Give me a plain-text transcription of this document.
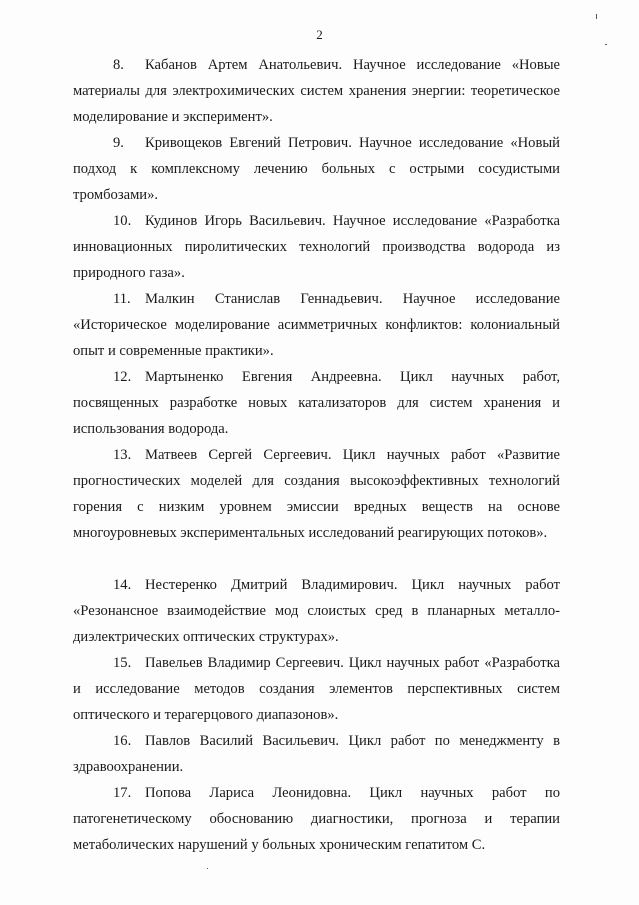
2
8. Кабанов Артем Анатольевич. Научное исследование «Новые материалы для электрохимических систем хранения энергии: теоретическое моделирование и эксперимент».
9. Кривощеков Евгений Петрович. Научное исследование «Новый подход к комплексному лечению больных с острыми сосудистыми тромбозами».
10. Кудинов Игорь Васильевич. Научное исследование «Разработка инновационных пиролитических технологий производства водорода из природного газа».
11. Малкин Станислав Геннадьевич. Научное исследование «Историческое моделирование асимметричных конфликтов: колониальный опыт и современные практики».
12. Мартыненко Евгения Андреевна. Цикл научных работ, посвященных разработке новых катализаторов для систем хранения и использования водорода.
13. Матвеев Сергей Сергеевич. Цикл научных работ «Развитие прогностических моделей для создания высокоэффективных технологий горения с низким уровнем эмиссии вредных веществ на основе многоуровневых экспериментальных исследований реагирующих потоков».
14. Нестеренко Дмитрий Владимирович. Цикл научных работ «Резонансное взаимодействие мод слоистых сред в планарных металло-диэлектрических оптических структурах».
15. Павельев Владимир Сергеевич. Цикл научных работ «Разработка и исследование методов создания элементов перспективных систем оптического и терагерцового диапазонов».
16. Павлов Василий Васильевич. Цикл работ по менеджменту в здравоохранении.
17. Попова Лариса Леонидовна. Цикл научных работ по патогенетическому обоснованию диагностики, прогноза и терапии метаболических нарушений у больных хроническим гепатитом С.
